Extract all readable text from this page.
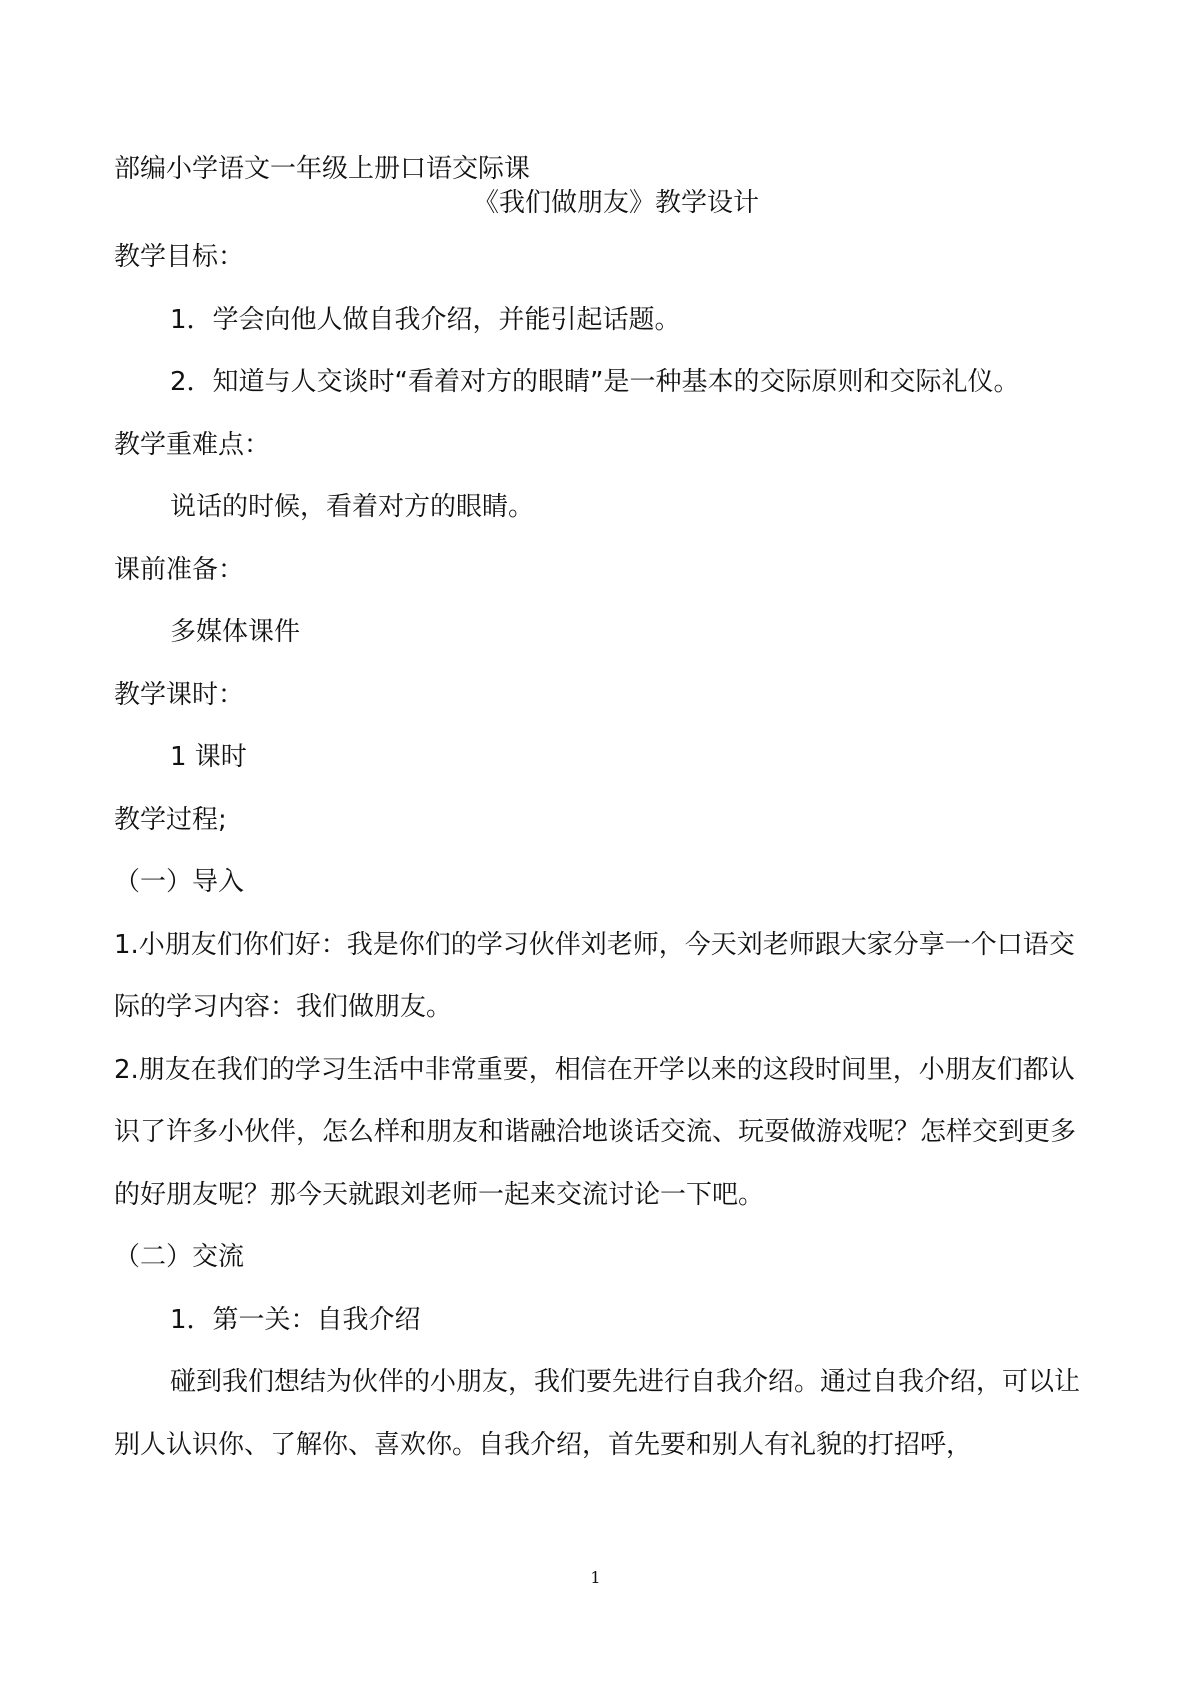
部编小学语文一年级上册口语交际课
《我们做朋友》教学设计

教学目标：

1．学会向他人做自我介绍，并能引起话题。

2．知道与人交谈时“看着对方的眼睛”是一种基本的交际原则和交际礼仪。

教学重难点：

说话的时候，看着对方的眼睛。

课前准备：

多媒体课件

教学课时：

1 课时

教学过程;

（一）导入

1.小朋友们你们好：我是你们的学习伙伴刘老师，今天刘老师跟大家分享一个口语交际的学习内容：我们做朋友。

2.朋友在我们的学习生活中非常重要，相信在开学以来的这段时间里，小朋友们都认识了许多小伙伴，怎么样和朋友和谐融洽地谈话交流、玩耍做游戏呢？怎样交到更多的好朋友呢？那今天就跟刘老师一起来交流讨论一下吧。

（二）交流

1．第一关：自我介绍

碰到我们想结为伙伴的小朋友，我们要先进行自我介绍。通过自我介绍，可以让别人认识你、了解你、喜欢你。自我介绍，首先要和别人有礼貌的打招呼，

1
